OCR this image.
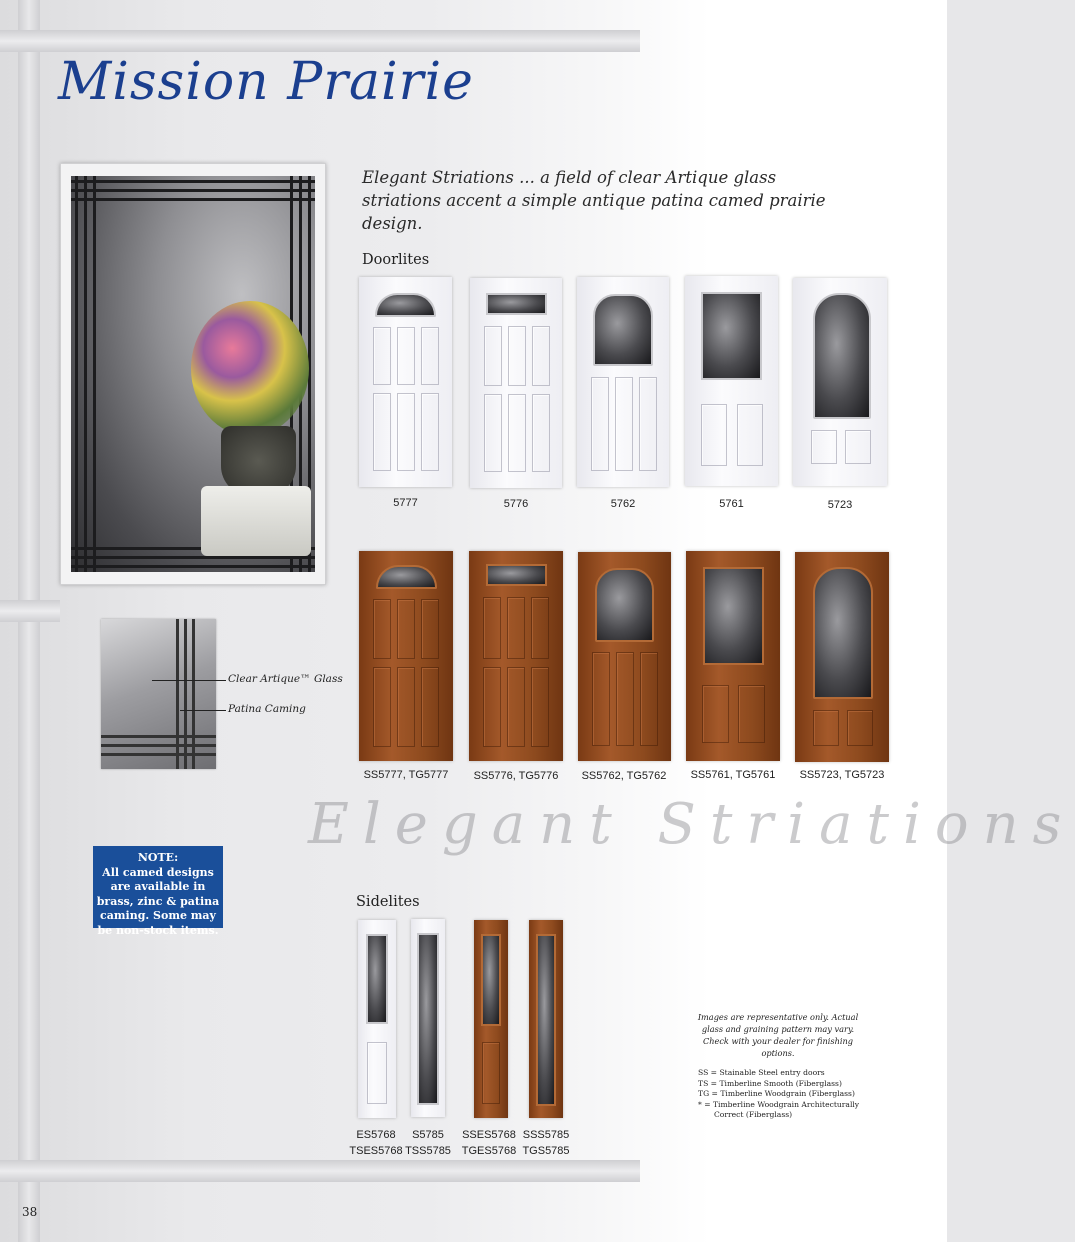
Mission Prairie
Elegant Striations ... a field of clear Artique glass striations accent a simple antique patina camed prairie design.
Clear Artique™ Glass
Patina Caming
NOTE:
All camed designs are available in brass, zinc & patina caming. Some may be non-stock items.
Doorlites
5777	5776	5762	5761	5723
SS5777, TG5777	SS5776, TG5776	SS5762, TG5762	SS5761, TG5761	SS5723, TG5723
Elegant Striations
Sidelites
ES5768
TSES5768
S5785
TSS5785
SSES5768
TGES5768
SSS5785
TGS5785
Images are representative only. Actual glass and graining pattern may vary. Check with your dealer for finishing options.
SS = Stainable Steel entry doors
TS = Timberline Smooth (Fiberglass)
TG = Timberline Woodgrain (Fiberglass)
* = Timberline Woodgrain Architecturally
Correct (Fiberglass)
38
